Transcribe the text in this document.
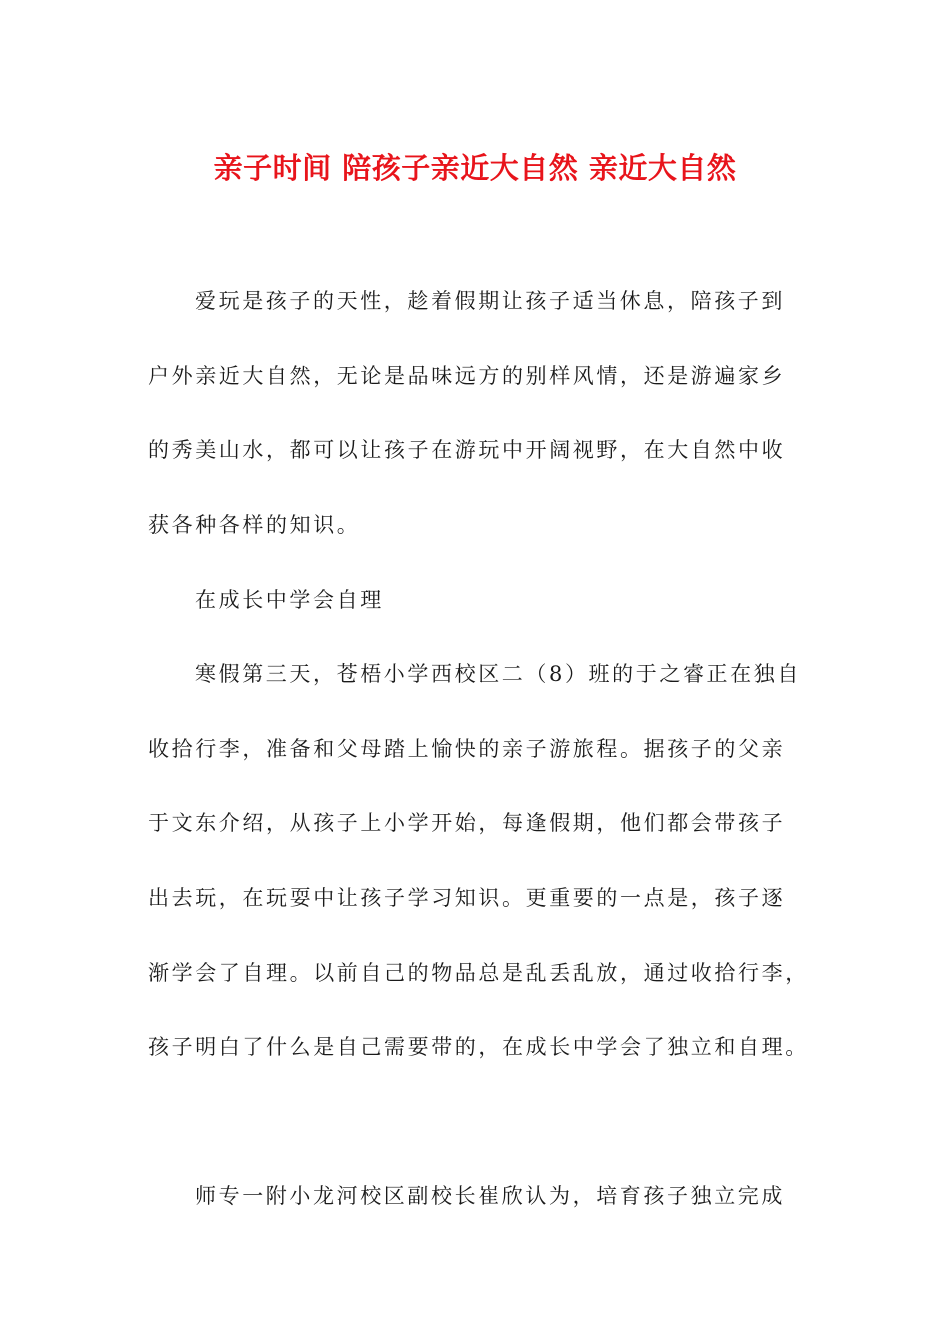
亲子时间 陪孩子亲近大自然 亲近大自然
爱玩是孩子的天性，趁着假期让孩子适当休息，陪孩子到
户外亲近大自然，无论是品味远方的别样风情，还是游遍家乡
的秀美山水，都可以让孩子在游玩中开阔视野，在大自然中收
获各种各样的知识。
在成长中学会自理
寒假第三天，苍梧小学西校区二（8）班的于之睿正在独自
收拾行李，准备和父母踏上愉快的亲子游旅程。据孩子的父亲
于文东介绍，从孩子上小学开始，每逢假期，他们都会带孩子
出去玩，在玩耍中让孩子学习知识。更重要的一点是，孩子逐
渐学会了自理。以前自己的物品总是乱丢乱放，通过收拾行李，
孩子明白了什么是自己需要带的，在成长中学会了独立和自理。
师专一附小龙河校区副校长崔欣认为，培育孩子独立完成
